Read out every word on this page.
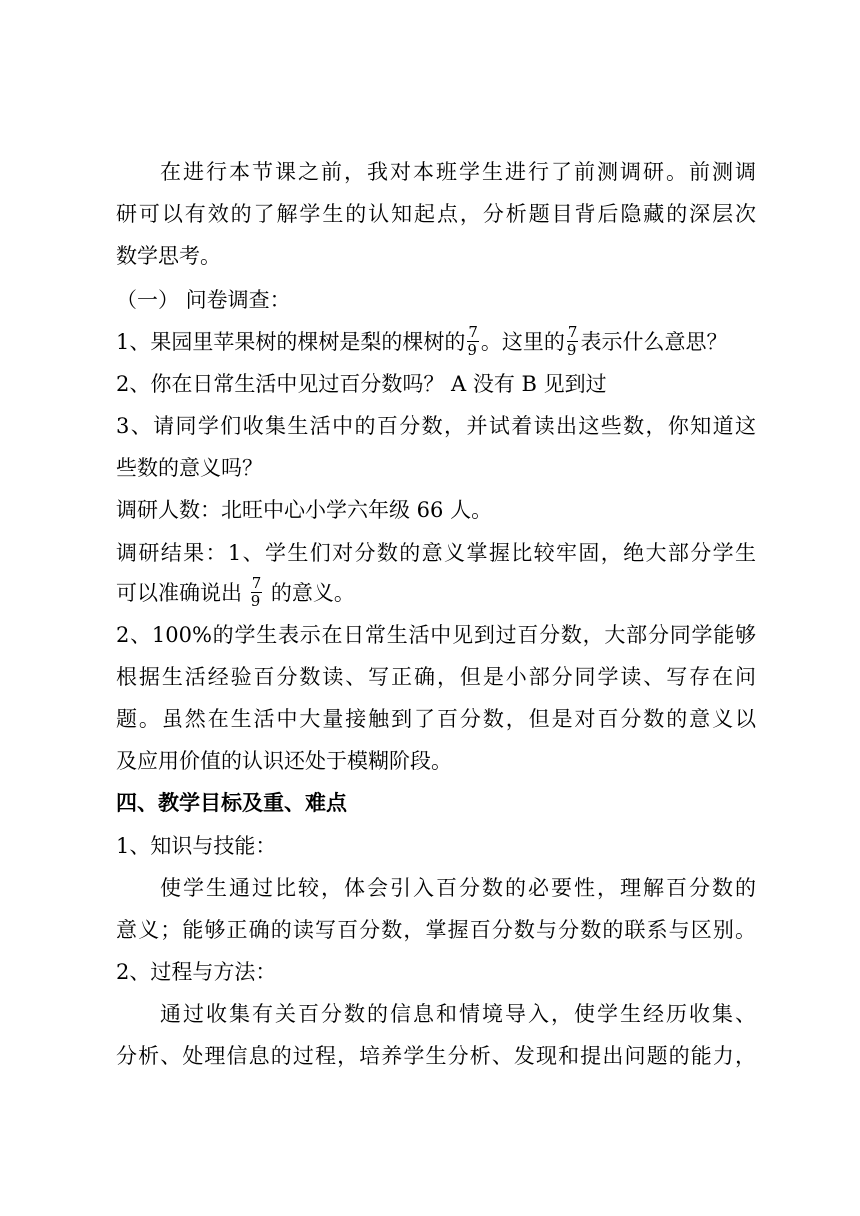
在进行本节课之前，我对本班学生进行了前测调研。前测调
研可以有效的了解学生的认知起点，分析题目背后隐藏的深层次
数学思考。
（一） 问卷调查：
1、果园里苹果树的棵树是梨的棵树的 $\frac{7}{9}$ 。这里的 $\frac{7}{9}$ 表示什么意思？
2、你在日常生活中见过百分数吗？ A 没有 B 见到过
3、请同学们收集生活中的百分数，并试着读出这些数，你知道这
些数的意义吗？
调研人数：北旺中心小学六年级 66 人。
调研结果：1、学生们对分数的意义掌握比较牢固，绝大部分学生
可以准确说出 $\frac{7}{9}$ 的意义。
2、100%的学生表示在日常生活中见到过百分数，大部分同学能够
根据生活经验百分数读、写正确，但是小部分同学读、写存在问
题。虽然在生活中大量接触到了百分数，但是对百分数的意义以
及应用价值的认识还处于模糊阶段。
四、教学目标及重、难点
1、知识与技能：
使学生通过比较，体会引入百分数的必要性，理解百分数的
意义；能够正确的读写百分数，掌握百分数与分数的联系与区别。
2、过程与方法：
通过收集有关百分数的信息和情境导入，使学生经历收集、
分析、处理信息的过程，培养学生分析、发现和提出问题的能力，
